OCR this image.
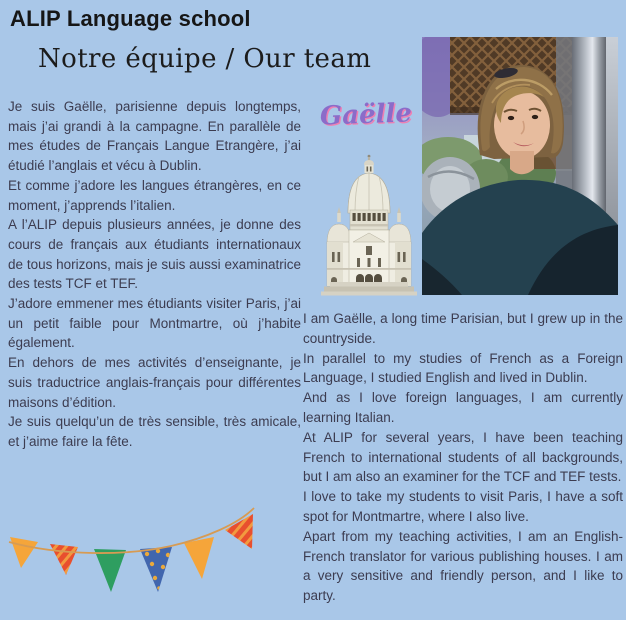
ALIP Language school
Notre équipe / Our team

Je suis Gaëlle, parisienne depuis longtemps, mais j’ai grandi à la campagne. En parallèle de mes études de Français Langue Etrangère, j’ai étudié l’anglais et vécu à Dublin.

Et comme j’adore les langues étrangères, en ce moment, j’apprends l’italien.

A l’ALIP depuis plusieurs années, je donne des cours de français aux étudiants internationaux de tous horizons, mais je suis aussi examinatrice des tests TCF et TEF.

J’adore emmener mes étudiants visiter Paris, j’ai un petit faible pour Montmartre, où j’habite également.

En dehors de mes activités d’enseignante, je suis traductrice anglais-français pour différentes maisons d’édition.

Je suis quelqu’un de très sensible, très amicale, et j’aime faire la fête.

Gaëlle

I am Gaëlle, a long time Parisian, but I grew up in the countryside.

In parallel to my studies of French as a Foreign Language, I studied English and lived in Dublin.

And as I love foreign languages, I am currently learning Italian.

At ALIP for several years, I have been teaching French to international students of all backgrounds, but I am also an examiner for the TCF and TEF tests.

I love to take my students to visit Paris, I have a soft spot for Montmartre, where I also live.

Apart from my teaching activities, I am an English-French translator for various publishing houses. I am a very sensitive and friendly person, and I like to party.
